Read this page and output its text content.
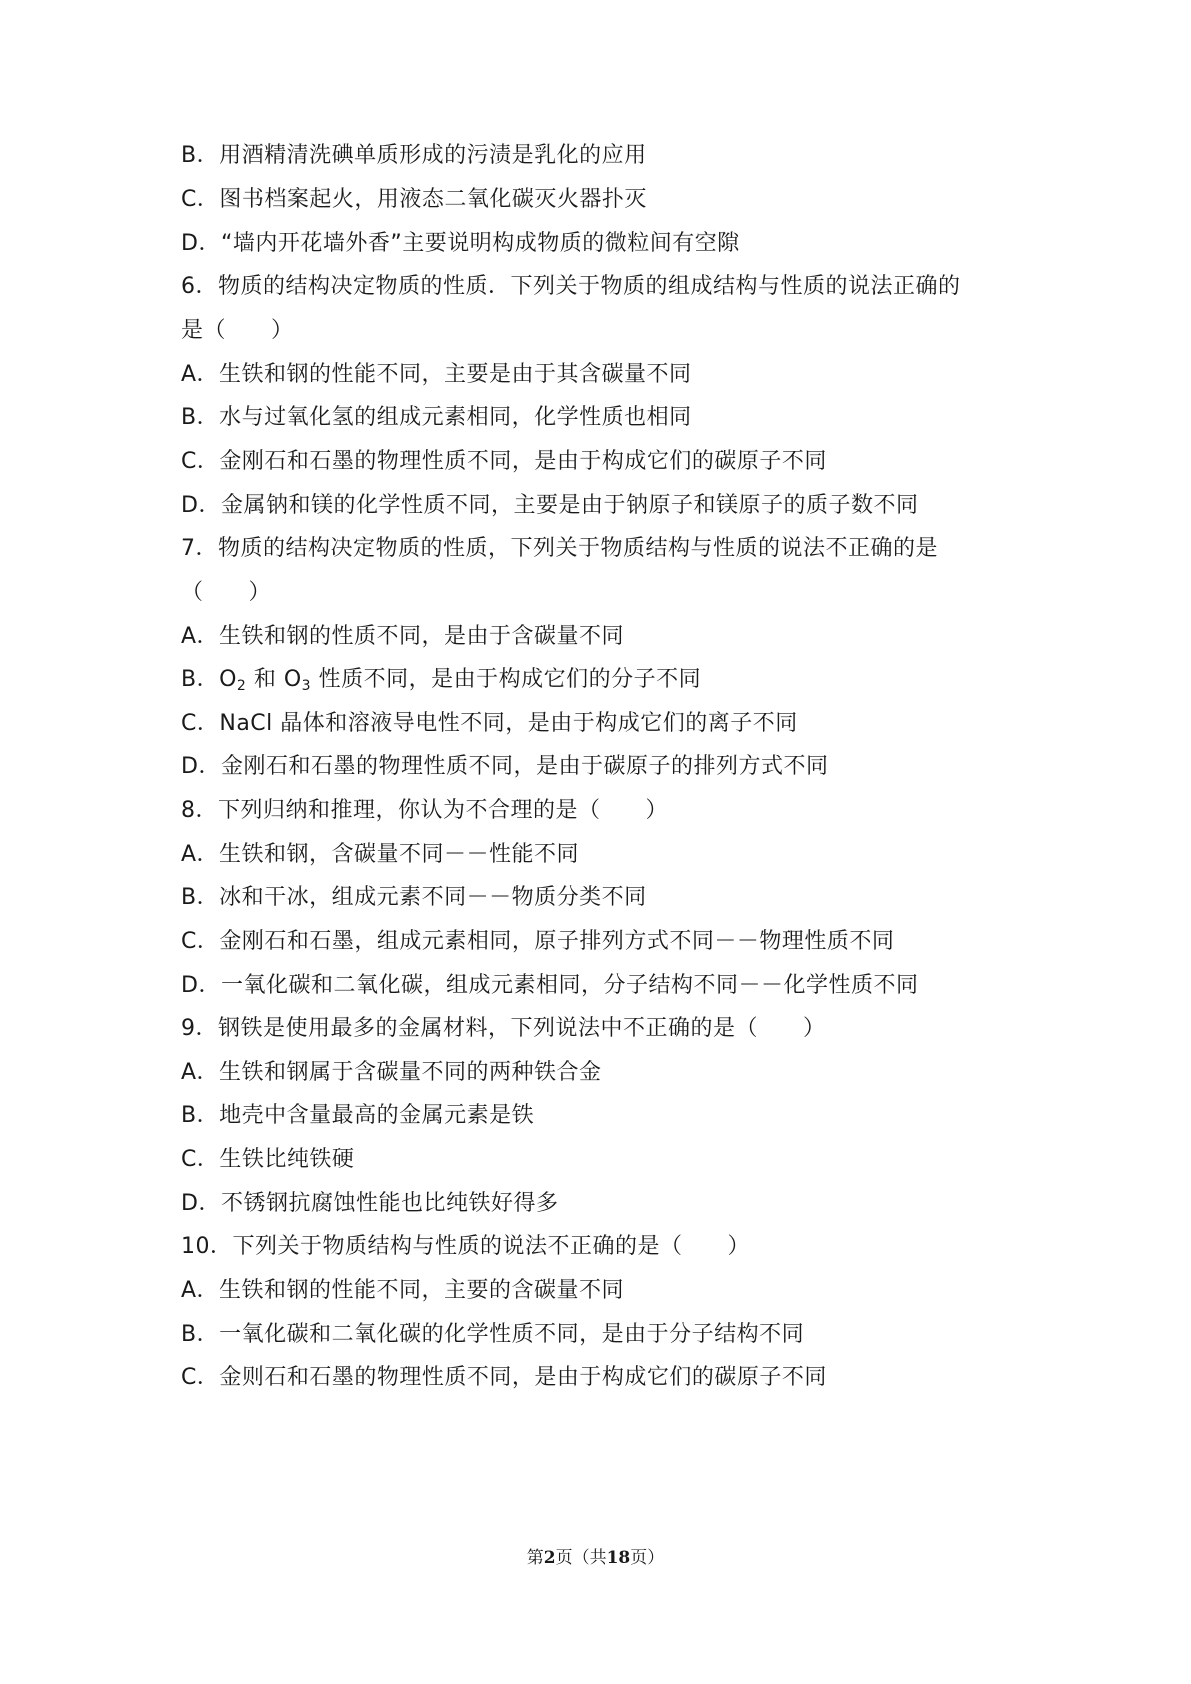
B．用酒精清洗碘单质形成的污渍是乳化的应用
C．图书档案起火，用液态二氧化碳灭火器扑灭
D．“墙内开花墙外香”主要说明构成物质的微粒间有空隙
6．物质的结构决定物质的性质．下列关于物质的组成结构与性质的说法正确的
是（　　）
A．生铁和钢的性能不同，主要是由于其含碳量不同
B．水与过氧化氢的组成元素相同，化学性质也相同
C．金刚石和石墨的物理性质不同，是由于构成它们的碳原子不同
D．金属钠和镁的化学性质不同，主要是由于钠原子和镁原子的质子数不同
7．物质的结构决定物质的性质，下列关于物质结构与性质的说法不正确的是
（　　）
A．生铁和钢的性质不同，是由于含碳量不同
B．$O_2$ 和 $O_3$ 性质不同，是由于构成它们的分子不同
C．NaCl 晶体和溶液导电性不同，是由于构成它们的离子不同
D．金刚石和石墨的物理性质不同，是由于碳原子的排列方式不同
8．下列归纳和推理，你认为不合理的是（　　）
A．生铁和钢，含碳量不同－－性能不同
B．冰和干冰，组成元素不同－－物质分类不同
C．金刚石和石墨，组成元素相同，原子排列方式不同－－物理性质不同
D．一氧化碳和二氧化碳，组成元素相同，分子结构不同－－化学性质不同
9．钢铁是使用最多的金属材料，下列说法中不正确的是（　　）
A．生铁和钢属于含碳量不同的两种铁合金
B．地壳中含量最高的金属元素是铁
C．生铁比纯铁硬
D．不锈钢抗腐蚀性能也比纯铁好得多
10．下列关于物质结构与性质的说法不正确的是（　　）
A．生铁和钢的性能不同，主要的含碳量不同
B．一氧化碳和二氧化碳的化学性质不同，是由于分子结构不同
C．金则石和石墨的物理性质不同，是由于构成它们的碳原子不同
第2页（共18页）
